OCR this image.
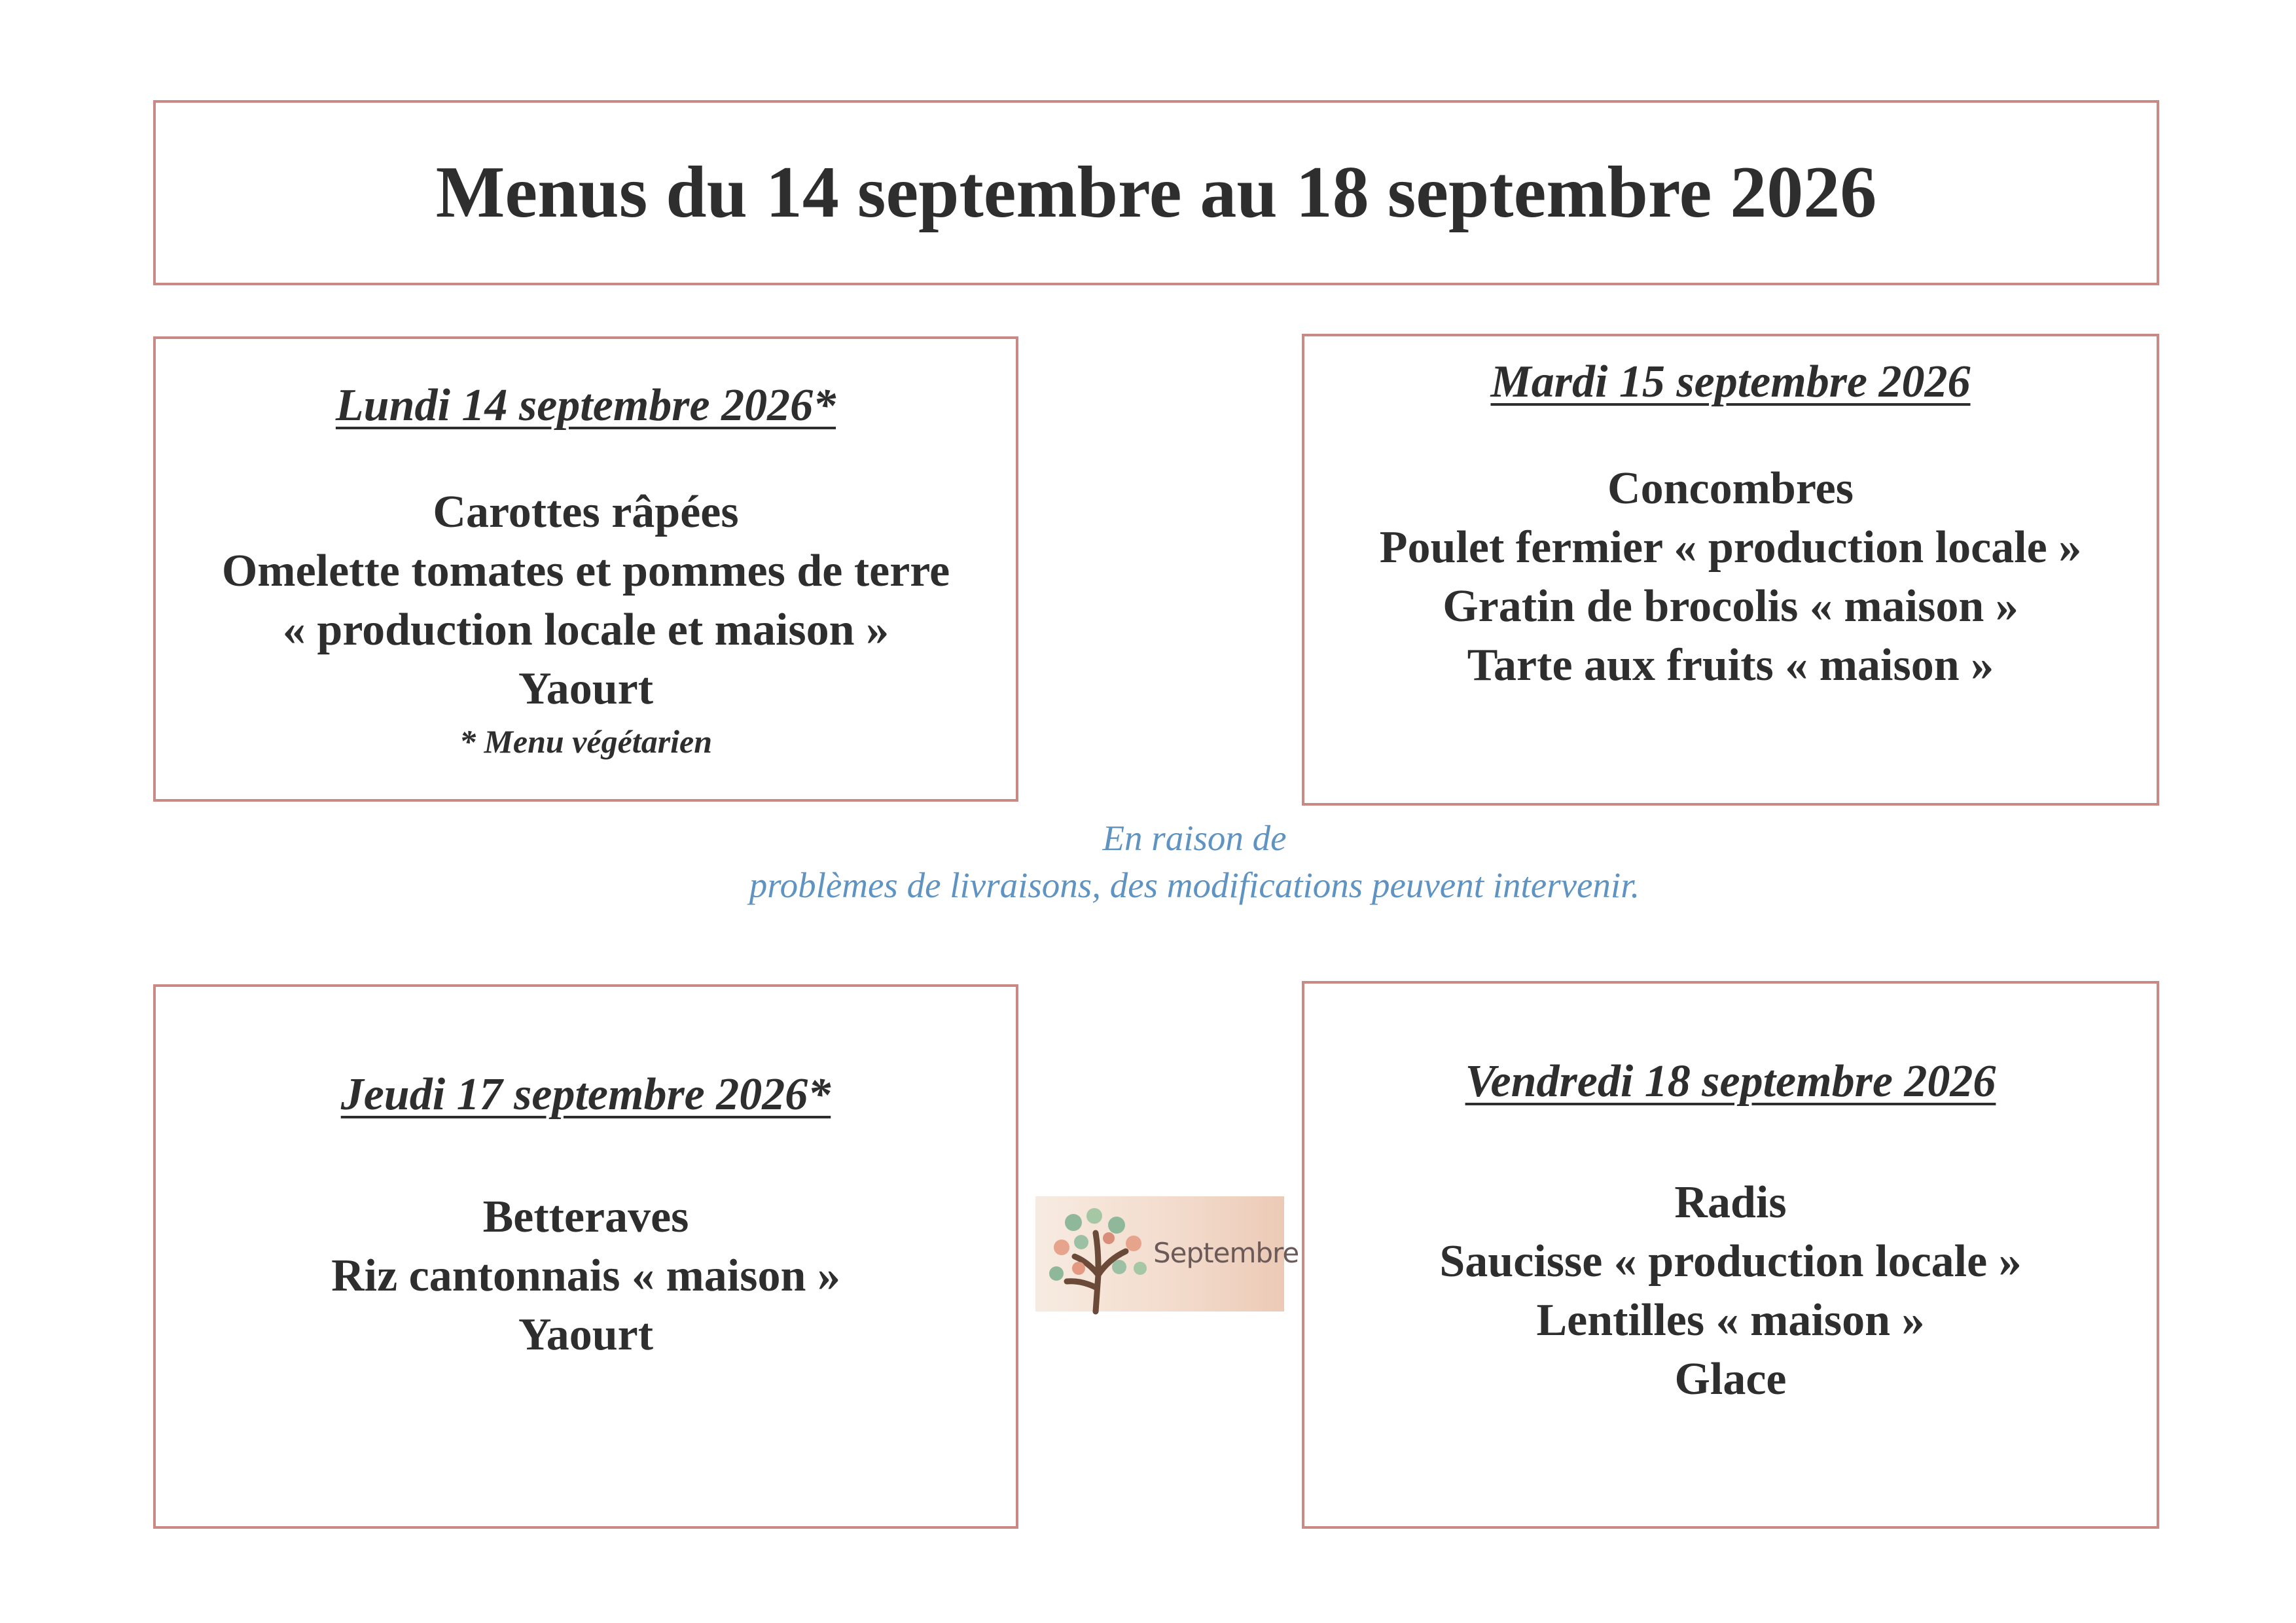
Menus du 14 septembre au 18 septembre 2026
Lundi 14 septembre 2026*
Carottes râpées
Omelette tomates et pommes de terre
« production locale et maison »
Yaourt
* Menu végétarien
Mardi 15 septembre 2026
Concombres
Poulet fermier « production locale »
Gratin de brocolis « maison »
Tarte aux fruits « maison »
En raison de
problèmes de livraisons, des modifications peuvent intervenir.
Jeudi 17 septembre 2026*
Betteraves
Riz cantonnais « maison »
Yaourt
Septembre
Vendredi 18 septembre 2026
Radis
Saucisse « production locale »
Lentilles « maison »
Glace
